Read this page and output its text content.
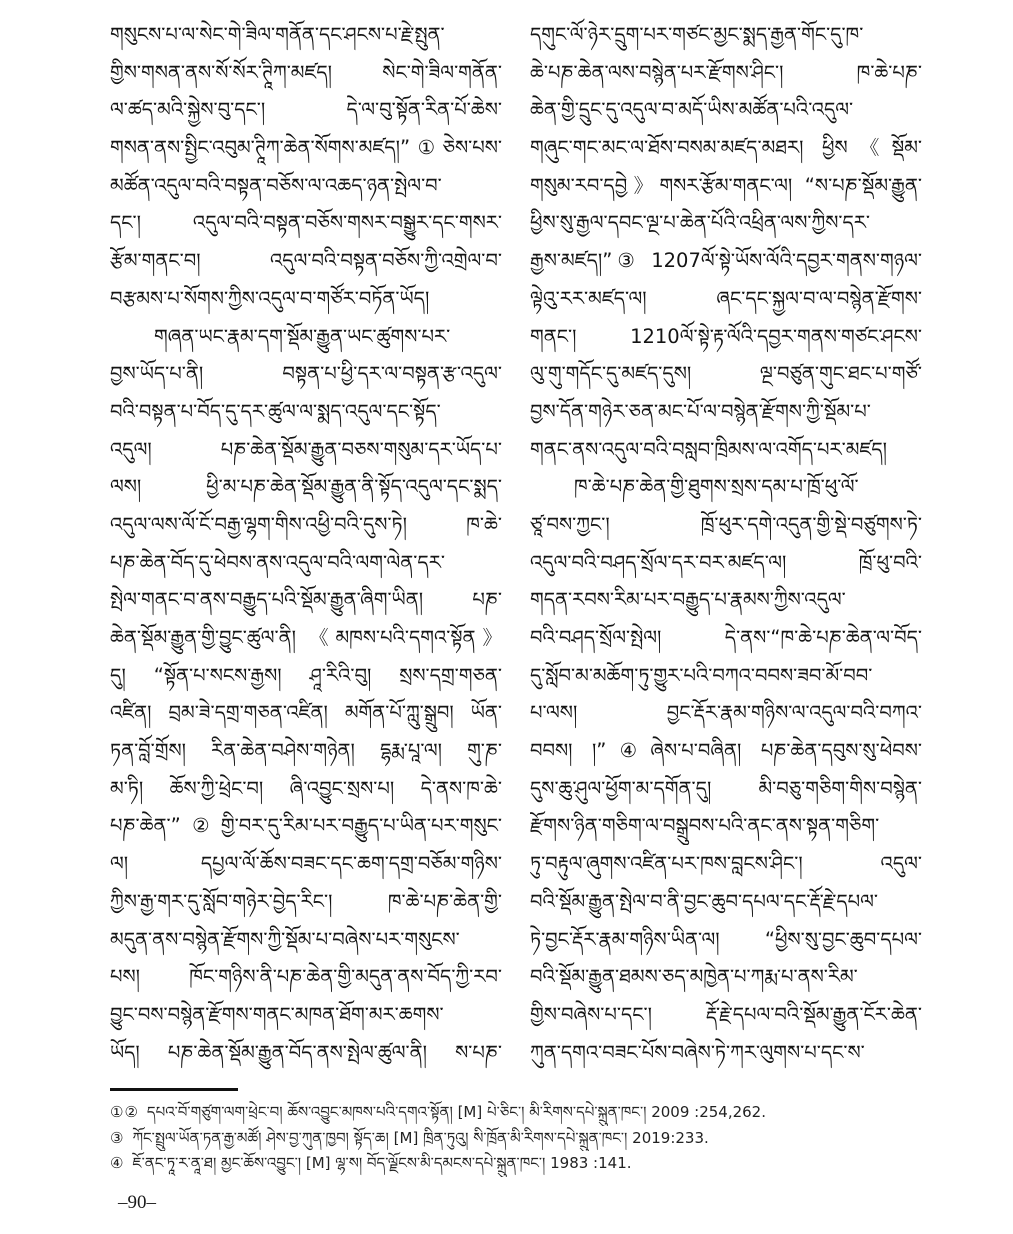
གསུངས་པ་ལ་སེང་གེ་ཟིལ་གནོན་དང་ཤངས་པ་རྗེ་སྤུན་
གྱིས་གསན་ནས་སོ་སོར་ཊཱིཀ་མཛད། སེང་གེ་ཟིལ་གནོན་
ལ་ཚད་མའི་སྐྱེས་བུ་དང་། དེ་ལ་བུ་སྟོན་རིན་པོ་ཆེས་
གསན་ནས་སྤྱིང་འབུམ་ཊཱིཀ་ཆེན་སོགས་མཛད།”①ཅེས་པས་
མཚོན་འདུལ་བའི་བསྟན་བཅོས་ལ་འཆད་ཉན་སྤེལ་བ་
དང་། འདུལ་བའི་བསྟན་བཅོས་གསར་བསྒྱུར་དང་གསར་
རྩོམ་གནང་བ། འདུལ་བའི་བསྟན་བཅོས་ཀྱི་འགྲེལ་བ་
བརྩམས་པ་སོགས་ཀྱིས་འདུལ་བ་གཙོར་བཏོན་ཡོད།
གཞན་ཡང་རྣམ་དག་སྡོམ་རྒྱུན་ཡང་ཚུགས་པར་
བྱས་ཡོད་པ་ནི། བསྟན་པ་ཕྱི་དར་ལ་བསྟན་རྩ་འདུལ་
བའི་བསྟན་པ་བོད་དུ་དར་ཚུལ་ལ་སྨད་འདུལ་དང་སྟོད་
འདུལ། པཎ་ཆེན་སྡོམ་རྒྱུན་བཅས་གསུམ་དར་ཡོད་པ་
ལས། ཕྱི་མ་པཎ་ཆེན་སྡོམ་རྒྱུན་ནི་སྟོད་འདུལ་དང་སྨད་
འདུལ་ལས་ལོ་ངོ་བརྒྱ་ལྷག་གིས་འཕྱི་བའི་དུས་ཏེ། ཁ་ཆེ་
པཎ་ཆེན་བོད་དུ་ཕེབས་ནས་འདུལ་བའི་ལག་ལེན་དར་
སྤེལ་གནང་བ་ནས་བརྒྱུད་པའི་སྡོམ་རྒྱུན་ཞིག་ཡིན། པཎ་
ཆེན་སྡོམ་རྒྱུན་གྱི་བྱུང་ཚུལ་ནི། 《མཁས་པའི་དགའ་སྟོན》
དུ། “སྟོན་པ་སངས་རྒྱས། ཤཱ་རིའི་བུ། སྲས་དགྲ་གཅན་
འཛིན། བྲམ་ཟེ་དགྲ་གཅན་འཛིན། མགོན་པོ་ཀླུ་སྒྲུབ། ཡོན་
ཏན་བློ་གྲོས། རིན་ཆེན་བཤེས་གཉེན། དྷརྨ་པཱ་ལ། གུ་ཎ་
མ་ཏི། ཆོས་ཀྱི་ཕྲེང་བ། ཞི་འབྱུང་སྲས་པ། དེ་ནས་ཁ་ཆེ་
པཎ་ཆེན་”②གྱི་བར་དུ་རིམ་པར་བརྒྱུད་པ་ཡིན་པར་གསུང་
ལ། དཔྱལ་ལོ་ཆོས་བཟང་དང་ཆག་དགྲ་བཅོམ་གཉིས་
ཀྱིས་རྒྱ་གར་དུ་སློབ་གཉེར་བྱེད་རིང་། ཁ་ཆེ་པཎ་ཆེན་གྱི་
མདུན་ནས་བསྙེན་རྫོགས་ཀྱི་སྡོམ་པ་བཞེས་པར་གསུངས་
པས། ཁོང་གཉིས་ནི་པཎ་ཆེན་གྱི་མདུན་ནས་བོད་ཀྱི་རབ་
བྱུང་བས་བསྙེན་རྫོགས་གནང་མཁན་ཐོག་མར་ཆགས་
ཡོད། པཎ་ཆེན་སྡོམ་རྒྱུན་བོད་ནས་སྤེལ་ཚུལ་ནི། ས་པཎ་
དགུང་ལོ་ཉེར་དྲུག་པར་གཙང་མྱང་སྨད་རྒྱན་གོང་དུ་ཁ་
ཆེ་པཎ་ཆེན་ལས་བསྙེན་པར་རྫོགས་ཤིང་། ཁ་ཆེ་པཎ་
ཆེན་གྱི་དྲུང་དུ་འདུལ་བ་མདོ་ཡིས་མཚོན་པའི་འདུལ་
གཞུང་གང་མང་ལ་ཐོས་བསམ་མཛད་མཐར། ཕྱིས《སྡོམ་
གསུམ་རབ་དབྱེ》གསར་རྩོམ་གནང་ལ། “ས་པཎ་སྡོམ་རྒྱུན་
ཕྱིས་སུ་རྒྱལ་དབང་ལྔ་པ་ཆེན་པོའི་འཕྲིན་ལས་ཀྱིས་དར་
རྒྱས་མཛད།”③ 1207ལོ་སྟེ་ཡོས་ལོའི་དབྱར་གནས་གཉལ་
ལྟེའུ་རར་མཛད་ལ། ཞང་དང་སྐྱལ་བ་ལ་བསྙེན་རྫོགས་
གནང་། 1210ལོ་སྟེ་རྟ་ལོའི་དབྱར་གནས་གཙང་ཤངས་
ལུ་གུ་གདོང་དུ་མཛད་དུས། ལྔ་བཙུན་གུང་ཐང་པ་གཙོ་
བྱས་དོན་གཉེར་ཅན་མང་པོ་ལ་བསྙེན་རྫོགས་ཀྱི་སྡོམ་པ་
གནང་ནས་འདུལ་བའི་བསླབ་ཁྲིམས་ལ་འགོད་པར་མཛད།
ཁ་ཆེ་པཎ་ཆེན་གྱི་ཐུགས་སྲས་དམ་པ་ཁྲོ་ཕུ་ལོ་
ཙཱ་བས་ཀྱང་། ཁྲོ་ཕུར་དགེ་འདུན་གྱི་སྡེ་བཙུགས་ཏེ་
འདུལ་བའི་བཤད་སྲོལ་དར་བར་མཛད་ལ། ཁྲོ་ཕུ་བའི་
གདན་རབས་རིམ་པར་བརྒྱུད་པ་རྣམས་ཀྱིས་འདུལ་
བའི་བཤད་སྲོལ་སྤེལ། དེ་ནས་“ཁ་ཆེ་པཎ་ཆེན་ལ་བོད་
དུ་སློབ་མ་མཆོག་ཏུ་གྱུར་པའི་བཀའ་བབས་ཟབ་མོ་བབ་
པ་ལས། བྱང་རྡོར་རྣམ་གཉིས་ལ་འདུལ་བའི་བཀའ་
བབས། །”④ཞེས་པ་བཞིན། པཎ་ཆེན་དབུས་སུ་ཕེབས་
དུས་ཆུ་ཤུལ་ཕྱོག་མ་དགོན་དུ། མི་བཅུ་གཅིག་གིས་བསྙེན་
རྫོགས་ཉིན་གཅིག་ལ་བསྒྲུབས་པའི་ནང་ནས་སྟན་གཅིག་
ཏུ་བརྟུལ་ཞུགས་འཛིན་པར་ཁས་བླངས་ཤིང་། འདུལ་
བའི་སྡོམ་རྒྱུན་སྤེལ་བ་ནི་བྱང་ཆུབ་དཔལ་དང་རྡོ་རྗེ་དཔལ་
ཏེ་བྱང་རྡོར་རྣམ་གཉིས་ཡིན་ལ། “ཕྱིས་སུ་བྱང་ཆུབ་དཔལ་
བའི་སྡོམ་རྒྱུན་ཐམས་ཅད་མཁྱེན་པ་ཀརྨ་པ་ནས་རིམ་
གྱིས་བཞེས་པ་དང་། རྡོ་རྗེ་དཔལ་བའི་སྡོམ་རྒྱུན་ངོར་ཆེན་
ཀུན་དགའ་བཟང་པོས་བཞེས་ཏེ་ཀར་ལུགས་པ་དང་ས་
①② དཔའ་བོ་གཙུག་ལག་ཕྲེང་བ། ཆོས་འབྱུང་མཁས་པའི་དགའ་སྟོན། [M] པེ་ཅིང་། མི་རིགས་དཔེ་སྐྲུན་ཁང་། 2009 :254,262.
③ ཀོང་སྤྲུལ་ཡོན་ཏན་རྒྱ་མཚོ། ཤེས་བྱ་ཀུན་ཁྱབ། སྟོད་ཆ། [M] ཁྲིན་ཏུའུ། སི་ཁྲོན་མི་རིགས་དཔེ་སྐྲུན་ཁང་། 2019:233.
④ ཇོ་ནང་ཏཱ་ར་ནཱ་ཐ། མྱང་ཆོས་འབྱུང་། [M] ལྷ་ས། བོད་ལྗོངས་མི་དམངས་དཔེ་སྐྲུན་ཁང་། 1983 :141.
–90–
